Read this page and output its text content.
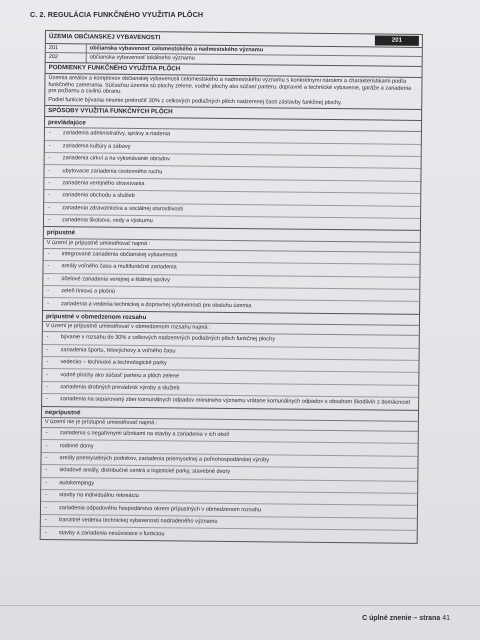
C. 2. REGULÁCIA FUNKČNÉHO VYUŽITIA PLÔCH
ÚZEMIA OBČIANSKEJ VYBAVENOSTI	201
201	občianska vybavenosť celomestského a nadmestského významu
202	občianska vybavenosť lokálneho významu
PODMIENKY FUNKČNÉHO VYUŽITIA PLÔCH
Územia areálov a komplexov občianskej vybavenosti celomestského a nadmestského významu s konkrétnymi nárokmi a charakteristikami podľa funkčného zamerania. Súčasťou územia sú plochy zelene, vodné plochy ako súčasť parteru, dopravné a technické vybavenie, garáže a zariadenia pre požiarnu a civilnú obranu.
Podiel funkcie bývania nesmie prekročiť 30% z celkových podlažných plôch nadzemnej časti zástavby funkčnej plochy.
SPÔSOBY VYUŽITIA FUNKČNÝCH PLÔCH
prevládajúce
- zariadenia administratívy, správy a riadenia
- zariadenia kultúry a zábavy
- zariadenia cirkví a na vykonávanie obradov
- ubytovacie zariadenia cestovného ruchu
- zariadenia verejného stravovania
- zariadenia obchodu a služieb
- zariadenia zdravotníctva a sociálnej starostlivosti
- zariadenia školstva, vedy a výskumu
prípustné
V území je prípustné umiestňovať najmä :
- integrované zariadenia občianskej vybavenosti
- areály voľného času a multifunkčné zariadenia
- účelové zariadenia verejnej a štátnej správy
- zeleň líniovú a plošnú
- zariadenia a vedenia technickej a dopravnej vybavenosti pre obsluhu územia
prípustné v obmedzenom rozsahu
V území je prípustné umiestňovať v obmedzenom rozsahu najmä :
- bývanie v rozsahu do 30% z celkových nadzemných podlažných plôch funkčnej plochy
- zariadenia športu, telovýchovy a voľného času
- vedecko – technické a technologické parky
- vodné plochy ako súčasť parteru a plôch zelene
- zariadenia drobných prevádzok výroby a služieb
- zariadenia na separovaný zber komunálnych odpadov miestneho významu vrátane komunálnych odpadov s obsahom škodlivín z domácností
neprípustné
V území nie je prístupné umiestňovať najmä :
- zariadenia s negatívnymi účinkami na stavby a zariadenia v ich okolí
- rodinné domy
- areály priemyselných podnikov, zariadenia priemyselnej a poľnohospodárskej výroby
- skladové areály, distribučné centrá a logistické parky, stavebné dvory
- autokempingy
- stavby na individuálnu rekreáciu
- zariadenia odpadového hospodárstva okrem prípustných v obmedzenom rozsahu
- tranzitné vedenia technickej vybavenosti nadradeného významu
- stavby a zariadenia nesúvisiace s funkciou
C úplné znenie – strana 41
